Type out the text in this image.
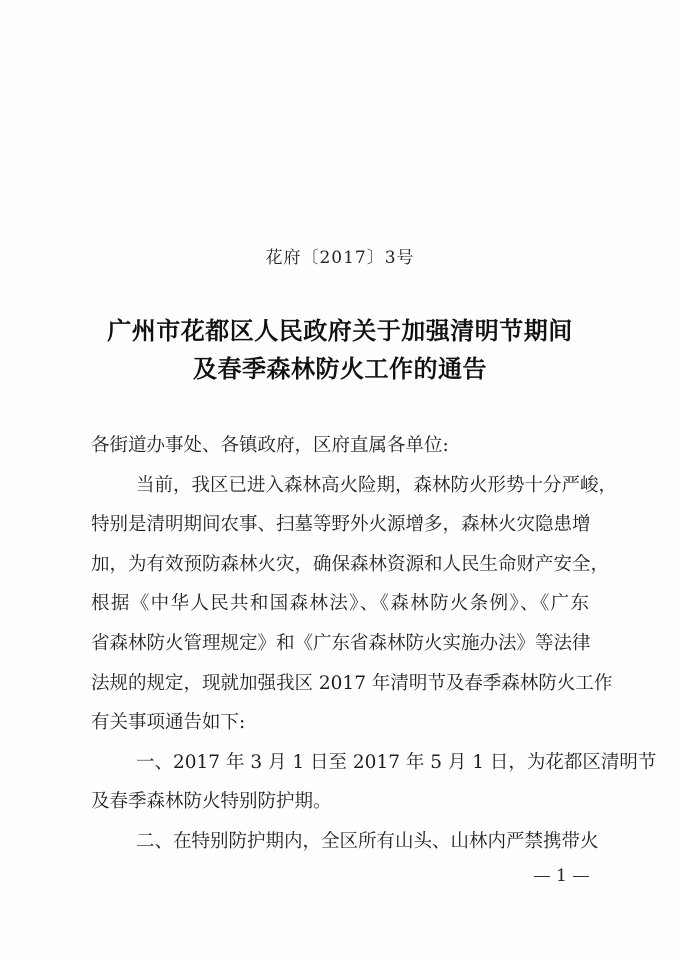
花府〔2017〕3号
广州市花都区人民政府关于加强清明节期间
及春季森林防火工作的通告
各街道办事处、各镇政府，区府直属各单位:
当前，我区已进入森林高火险期，森林防火形势十分严峻，
特别是清明期间农事、扫墓等野外火源增多，森林火灾隐患增
加，为有效预防森林火灾，确保森林资源和人民生命财产安全，
根据《中华人民共和国森林法》、《森林防火条例》、《广东
省森林防火管理规定》和《广东省森林防火实施办法》等法律
法规的规定，现就加强我区 2017 年清明节及春季森林防火工作
有关事项通告如下:
一、2017 年 3 月 1 日至 2017 年 5 月 1 日，为花都区清明节
及春季森林防火特别防护期。
二、在特别防护期内，全区所有山头、山林内严禁携带火
1
